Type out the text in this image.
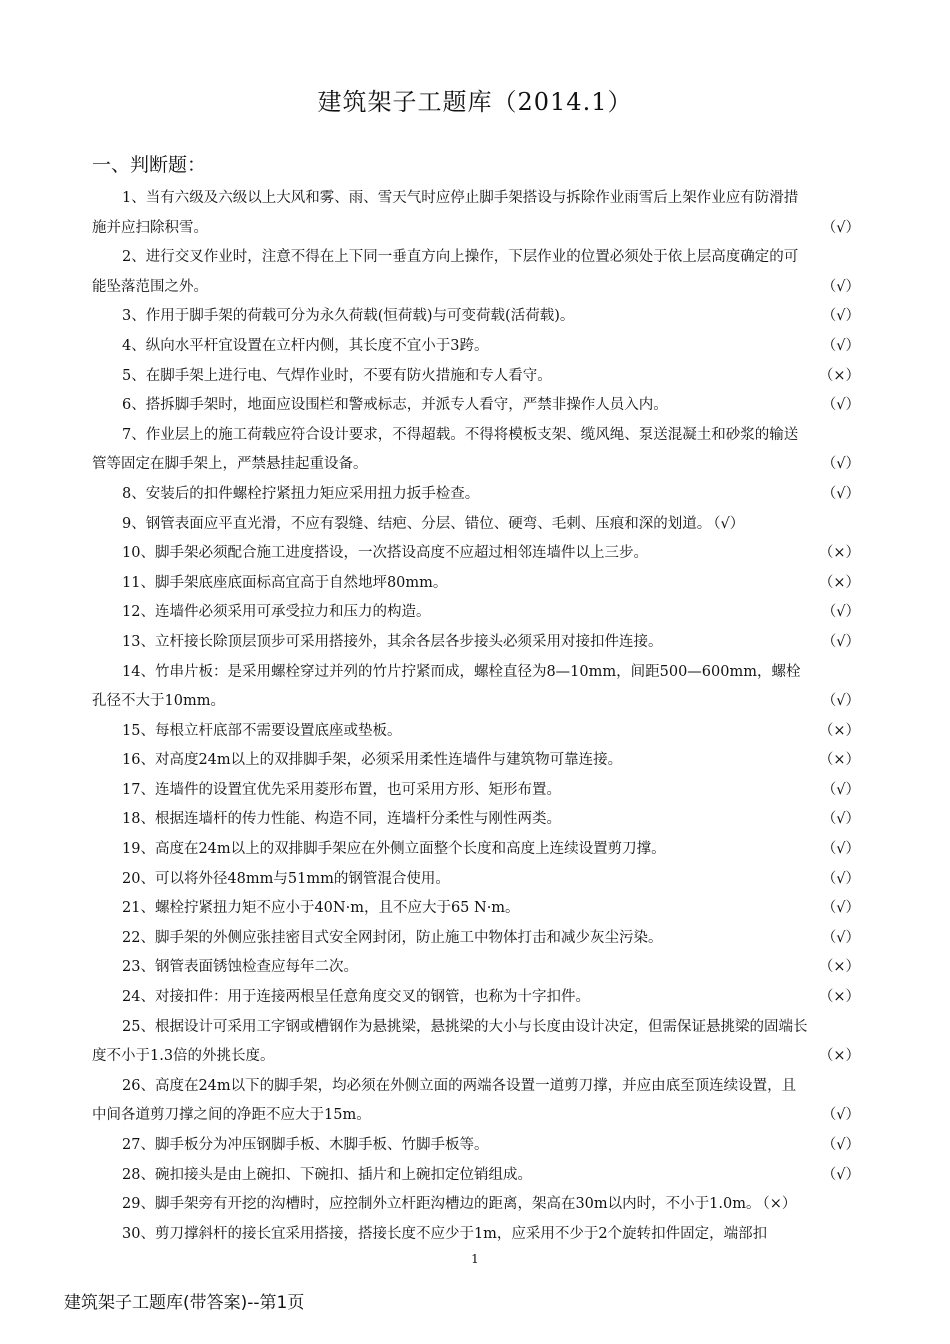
建筑架子工题库（2014.1）
一、判断题：
1、当有六级及六级以上大风和雾、雨、雪天气时应停止脚手架搭设与拆除作业雨雪后上架作业应有防滑措施并应扫除积雪。	（√）
2、进行交叉作业时，注意不得在上下同一垂直方向上操作，下层作业的位置必须处于依上层高度确定的可能坠落范围之外。	（√）
3、作用于脚手架的荷载可分为永久荷载(恒荷载)与可变荷载(活荷载)。	（√）
4、纵向水平杆宜设置在立杆内侧，其长度不宜小于3跨。	（√）
5、在脚手架上进行电、气焊作业时，不要有防火措施和专人看守。	（×）
6、搭拆脚手架时，地面应设围栏和警戒标志，并派专人看守，严禁非操作人员入内。	（√）
7、作业层上的施工荷载应符合设计要求，不得超载。不得将模板支架、缆风绳、泵送混凝土和砂浆的输送管等固定在脚手架上，严禁悬挂起重设备。	（√）
8、安装后的扣件螺栓拧紧扭力矩应采用扭力扳手检查。	（√）
9、钢管表面应平直光滑，不应有裂缝、结疤、分层、错位、硬弯、毛刺、压痕和深的划道。 （√）
10、脚手架必须配合施工进度搭设，一次搭设高度不应超过相邻连墙件以上三步。	（×）
11、脚手架底座底面标高宜高于自然地坪80mm。	（×）
12、连墙件必须采用可承受拉力和压力的构造。	（√）
13、立杆接长除顶层顶步可采用搭接外，其余各层各步接头必须采用对接扣件连接。	（√）
14、竹串片板：是采用螺栓穿过并列的竹片拧紧而成，螺栓直径为8—10mm，间距500—600mm，螺栓孔径不大于10mm。	（√）
15、每根立杆底部不需要设置底座或垫板。	（×）
16、对高度24m以上的双排脚手架，必须采用柔性连墙件与建筑物可靠连接。	（×）
17、连墙件的设置宜优先采用菱形布置，也可采用方形、矩形布置。	（√）
18、根据连墙杆的传力性能、构造不同，连墙杆分柔性与刚性两类。	（√）
19、高度在24m以上的双排脚手架应在外侧立面整个长度和高度上连续设置剪刀撑。	（√）
20、可以将外径48mm与51mm的钢管混合使用。	（√）
21、螺栓拧紧扭力矩不应小于40N·m，且不应大于65 N·m。	（√）
22、脚手架的外侧应张挂密目式安全网封闭，防止施工中物体打击和减少灰尘污染。	（√）
23、钢管表面锈蚀检查应每年二次。	（×）
24、对接扣件：用于连接两根呈任意角度交叉的钢管，也称为十字扣件。	（×）
25、根据设计可采用工字钢或槽钢作为悬挑梁，悬挑梁的大小与长度由设计决定，但需保证悬挑梁的固端长度不小于1.3倍的外挑长度。	（×）
26、高度在24m以下的脚手架，均必须在外侧立面的两端各设置一道剪刀撑，并应由底至顶连续设置，且中间各道剪刀撑之间的净距不应大于15m。	（√）
27、脚手板分为冲压钢脚手板、木脚手板、竹脚手板等。	（√）
28、碗扣接头是由上碗扣、下碗扣、插片和上碗扣定位销组成。	（√）
29、脚手架旁有开挖的沟槽时，应控制外立杆距沟槽边的距离，架高在30m以内时，不小于1.0m。 （×）
30、剪刀撑斜杆的接长宜采用搭接，搭接长度不应少于1m，应采用不少于2个旋转扣件固定，端部扣
1
建筑架子工题库(带答案)--第1页
